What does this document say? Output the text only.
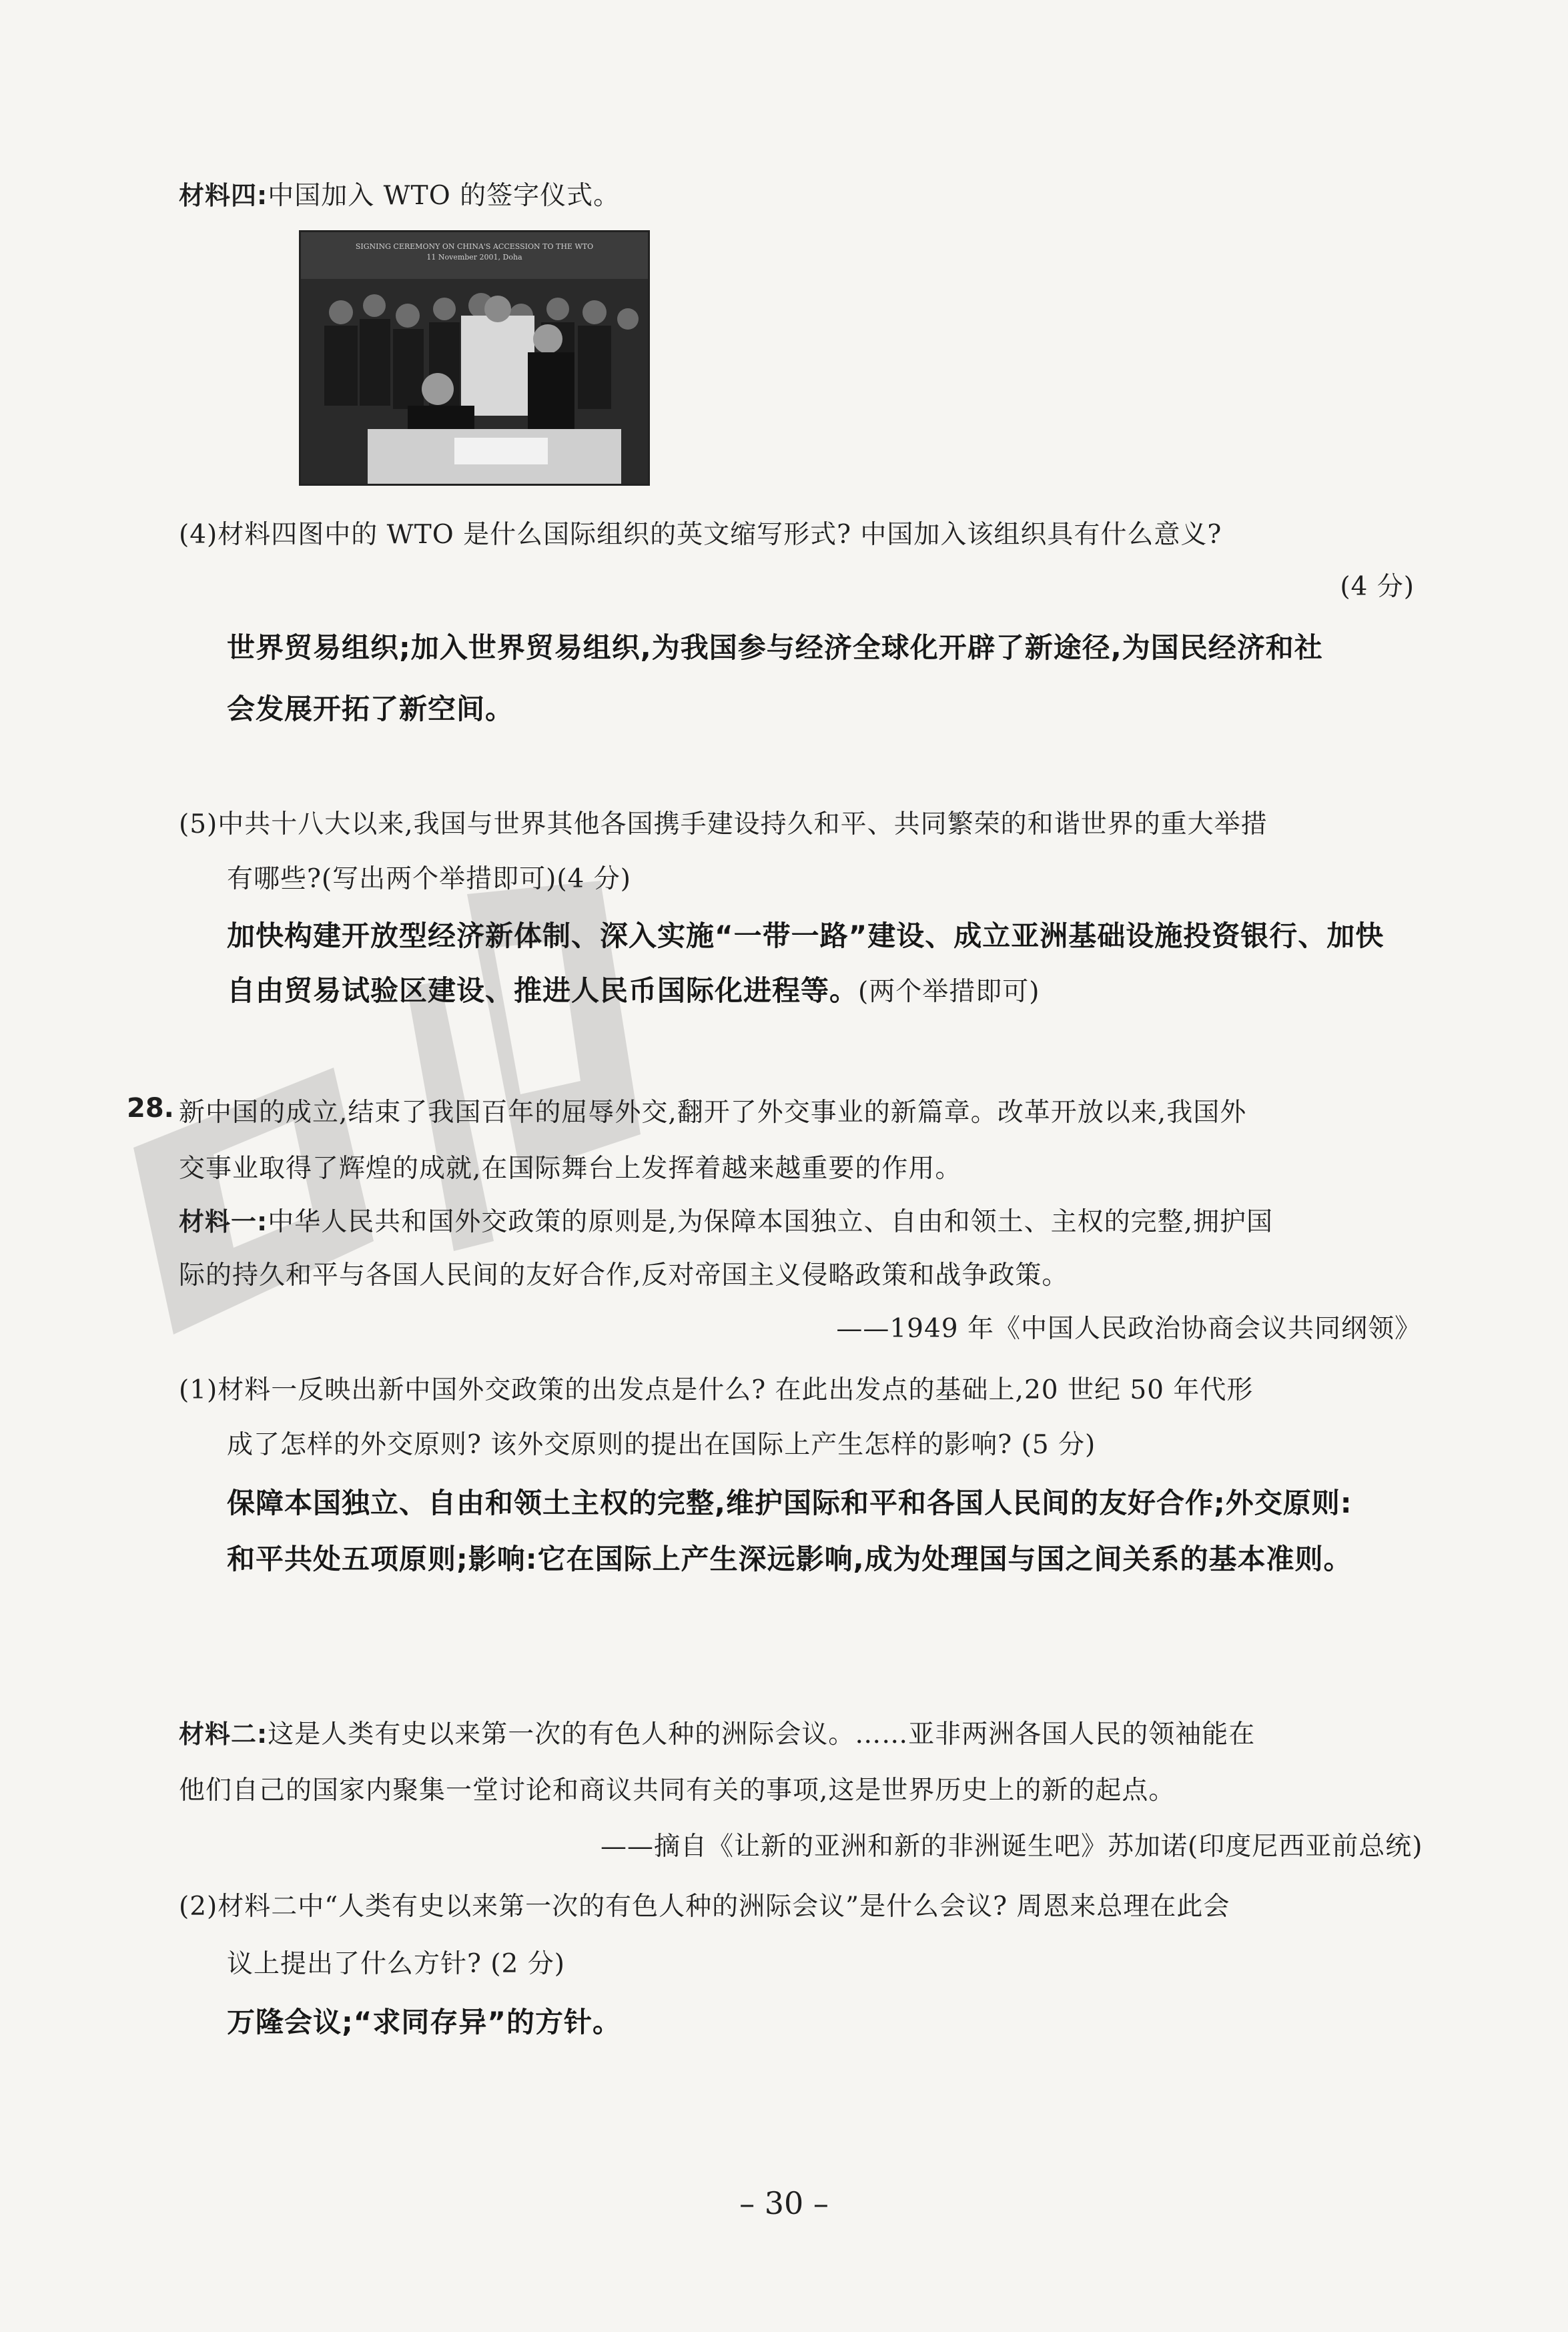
材料四:中国加入 WTO 的签字仪式。
SIGNING CEREMONY ON CHINA'S ACCESSION TO THE WTO
11 November 2001, Doha
(4)材料四图中的 WTO 是什么国际组织的英文缩写形式? 中国加入该组织具有什么意义?
(4 分)
世界贸易组织;加入世界贸易组织,为我国参与经济全球化开辟了新途径,为国民经济和社
会发展开拓了新空间。
(5)中共十八大以来,我国与世界其他各国携手建设持久和平、共同繁荣的和谐世界的重大举措
有哪些?(写出两个举措即可)(4 分)
加快构建开放型经济新体制、深入实施“一带一路”建设、成立亚洲基础设施投资银行、加快
自由贸易试验区建设、推进人民币国际化进程等。(两个举措即可)
28. 新中国的成立,结束了我国百年的屈辱外交,翻开了外交事业的新篇章。改革开放以来,我国外
交事业取得了辉煌的成就,在国际舞台上发挥着越来越重要的作用。
材料一:中华人民共和国外交政策的原则是,为保障本国独立、自由和领土、主权的完整,拥护国
际的持久和平与各国人民间的友好合作,反对帝国主义侵略政策和战争政策。
——1949 年《中国人民政治协商会议共同纲领》
(1)材料一反映出新中国外交政策的出发点是什么? 在此出发点的基础上,20 世纪 50 年代形
成了怎样的外交原则? 该外交原则的提出在国际上产生怎样的影响? (5 分)
保障本国独立、自由和领土主权的完整,维护国际和平和各国人民间的友好合作;外交原则:
和平共处五项原则;影响:它在国际上产生深远影响,成为处理国与国之间关系的基本准则。
材料二:这是人类有史以来第一次的有色人种的洲际会议。……亚非两洲各国人民的领袖能在
他们自己的国家内聚集一堂讨论和商议共同有关的事项,这是世界历史上的新的起点。
——摘自《让新的亚洲和新的非洲诞生吧》苏加诺(印度尼西亚前总统)
(2)材料二中“人类有史以来第一次的有色人种的洲际会议”是什么会议? 周恩来总理在此会
议上提出了什么方针? (2 分)
万隆会议;“求同存异”的方针。
– 30 –
